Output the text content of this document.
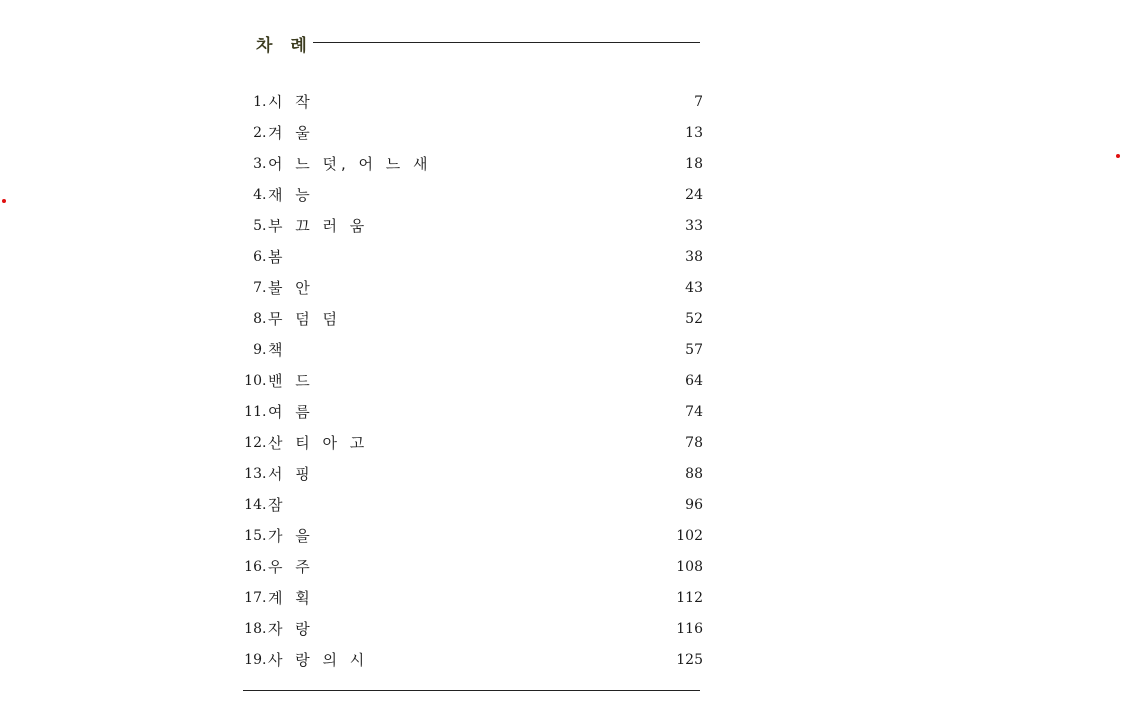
차 례
1 . 시 작	7
2 . 겨 울	13
3 . 어 느 덧, 어 느 새	18
4 . 재 능	24
5 . 부 끄 러 움	33
6 . 봄	38
7 . 불 안	43
8 . 무 덤 덤	52
9 . 책	57
10 . 밴 드	64
11 . 여 름	74
12 . 산 티 아 고	78
13 . 서 핑	88
14 . 잠	96
15 . 가 을	102
16 . 우 주	108
17 . 계 획	112
18 . 자 랑	116
19 . 사 랑 의 시	125
